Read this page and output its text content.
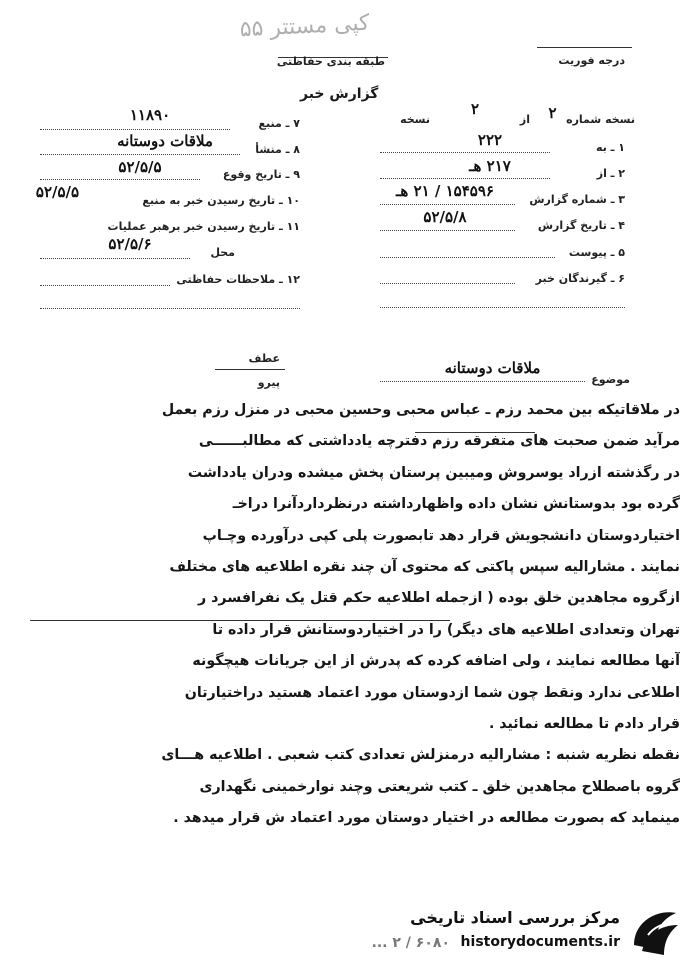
کپی مستتر ۵۵
طبقه بندی حفاظتی	درجه فوریت
گزارش خبر
نسخه شماره
۲
از
۲
نسخه
۱ ـ به
۲۲۲
۲ ـ از
۲۱۷ هـ
۳ ـ شماره گزارش
۱۵۴۵۹۶ / ۲۱ هـ
۴ ـ تاریخ گزارش
۵۲/۵/۸
۵ ـ پیوست
۶ ـ گیرندگان خبر
۷ ـ منبع
۱۱۸۹۰
۸ ـ منشأ
ملاقات دوستانه
۹ ـ تاریخ وقوع
۵۲/۵/۵
۱۰ ـ تاریخ رسیدن خبر به منبع
۵۲/۵/۵
۱۱ ـ تاریخ رسیدن خبر برهبر عملیات
محل
۵۲/۵/۶
۱۲ ـ ملاحظات حفاظتی
عطف
پیرو	موضوع
ملاقات دوستانه

در ملاقاتیکه بین محمد رزم ـ عباس محبی وحسین محبی در منزل رزم بعمل

مرآید ضمن صحبت های متفرقه رزم دفترچه یادداشتی که مطالبــــــی

در رگذشته ازراد یوسروش ومیبین پرستان پخش میشده ودران یادداشت

گرده بود بدوستانش نشان داده واظهارداشته درنظرداردآنرا دراخـ

اختیاردوستان دانشجویش قرار دهد تابصورت پلی کپی درآورده وچـاپ

نمایند . مشارالیه سپس پاکتی که محتوی آن چند نقره اطلاعیه های مختلف

ازگروه مجاهدین خلق بوده ( ازجمله اطلاعیه حکم قتل یک نفرافسرد ر

تهران وتعدادی اطلاعیه های دیگر) را در اختیاردوستانش قرار داده تا

آنها مطالعه نمایند ، ولی اضافه کرده که پدرش از این جریانات هیچگونه

اطلاعی ندارد ونقط چون شما ازدوستان مورد اعتماد هستید دراختیارتان

قرار دادم تا مطالعه نمائید .

نقطه نظریه شنبه : مشارالیه درمنزلش تعدادی کتب شعبی . اطلاعیه هـــای

گروه باصطلاح مجاهدین خلق ـ کتب شریعتی وچند نوارخمینی نگهداری

مینماید که بصورت مطالعه در اختیار دوستان مورد اعتماد ش قرار میدهد .

۶۰۸۰ / ۲ ...
مرکز بررسی اسناد تاریخی
historydocuments.ir
